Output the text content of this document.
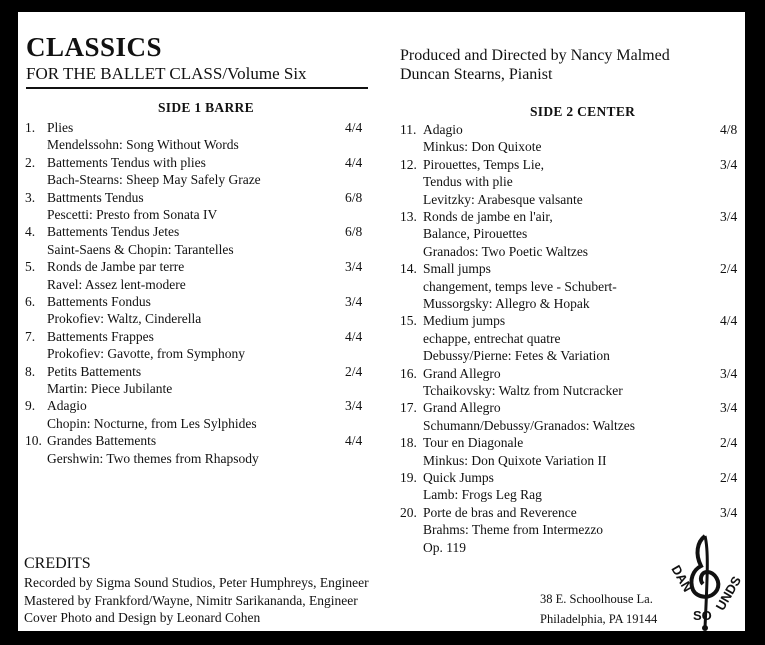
CLASSICS
FOR THE BALLET CLASS/Volume Six
Produced and Directed by Nancy Malmed
Duncan Stearns, Pianist
SIDE 1 BARRE	SIDE 2 CENTER
1. Plies
Mendelssohn: Song Without Words
4/4
2. Battements Tendus with plies
Bach-Stearns: Sheep May Safely Graze
4/4
3. Battments Tendus
Pescetti: Presto from Sonata IV
6/8
4. Battements Tendus Jetes
Saint-Saens & Chopin: Tarantelles
6/8
5. Ronds de Jambe par terre
Ravel: Assez lent-modere
3/4
6. Battements Fondus
Prokofiev: Waltz, Cinderella
3/4
7. Battements Frappes
Prokofiev: Gavotte, from Symphony
4/4
8. Petits Battements
Martin: Piece Jubilante
2/4
9. Adagio
Chopin: Nocturne, from Les Sylphides
3/4
10. Grandes Battements
Gershwin: Two themes from Rhapsody
4/4
11. Adagio
Minkus: Don Quixote
4/8
12. Pirouettes, Temps Lie,
Tendus with plie
Levitzky: Arabesque valsante
3/4
13. Ronds de jambe en l'air,
Balance, Pirouettes
Granados: Two Poetic Waltzes
3/4
14. Small jumps
changement, temps leve - Schubert-
Mussorgsky: Allegro & Hopak
2/4
15. Medium jumps
echappe, entrechat quatre
Debussy/Pierne: Fetes & Variation
4/4
16. Grand Allegro
Tchaikovsky: Waltz from Nutcracker
3/4
17. Grand Allegro
Schumann/Debussy/Granados: Waltzes
3/4
18. Tour en Diagonale
Minkus: Don Quixote Variation II
2/4
19. Quick Jumps
Lamb: Frogs Leg Rag
2/4
20. Porte de bras and Reverence
Brahms: Theme from Intermezzo
Op. 119
3/4
CREDITS
Recorded by Sigma Sound Studios, Peter Humphreys, Engineer
Mastered by Frankford/Wayne, Nimitr Sarikananda, Engineer
Cover Photo and Design by Leonard Cohen
38 E. Schoolhouse La.
Philadelphia, PA 19144
DAN
SO
UNDS
